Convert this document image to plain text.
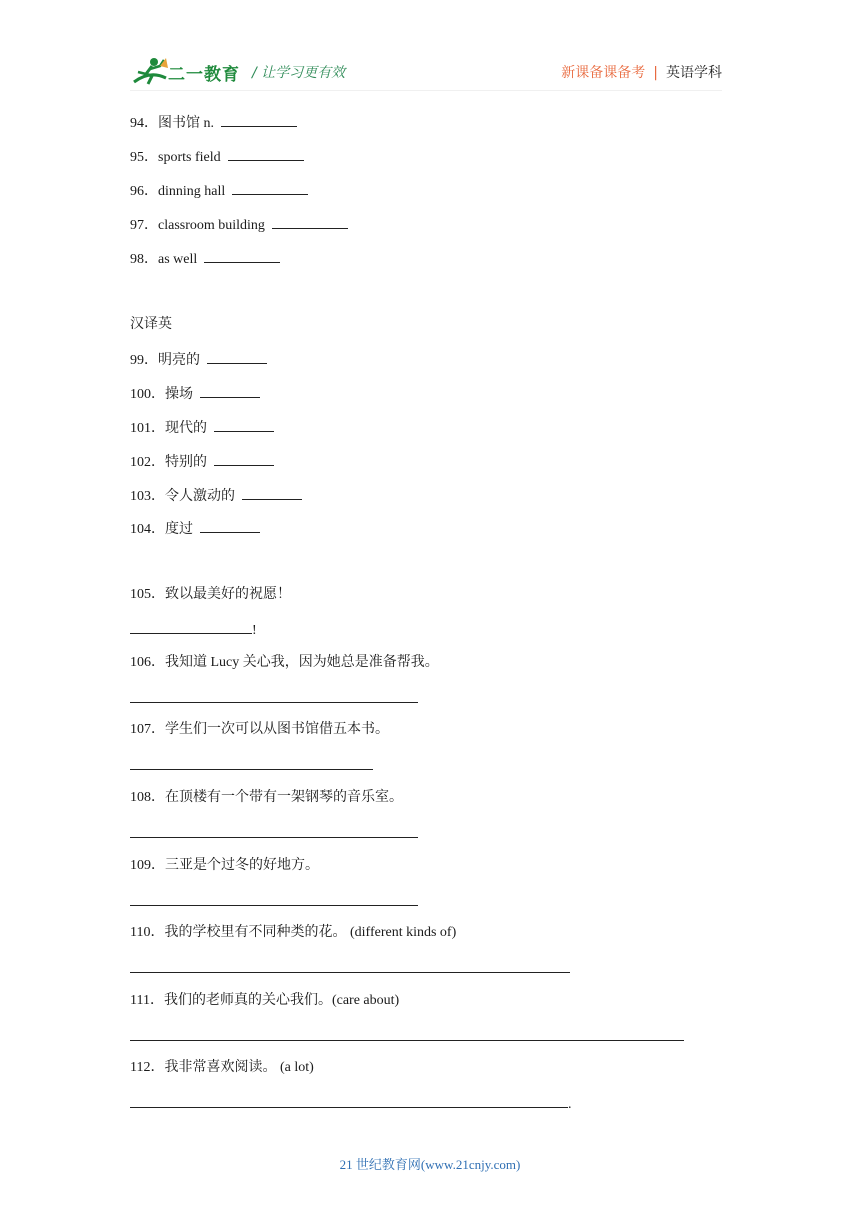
二一教育 / 让学习更有效	新课备课备考 | 英语学科
94．图书馆 n.
95．sports field
96．dinning hall
97．classroom building
98．as well
汉译英
99．明亮的
100．操场
101．现代的
102．特别的
103．令人激动的
104．度过
105．致以最美好的祝愿！
!
106．我知道 Lucy 关心我，因为她总是准备帮我。
107．学生们一次可以从图书馆借五本书。
108．在顶楼有一个带有一架钢琴的音乐室。
109．三亚是个过冬的好地方。
110．我的学校里有不同种类的花。 (different kinds of)
111．我们的老师真的关心我们。(care about)
112．我非常喜欢阅读。 (a lot)
.
21 世纪教育网(www.21cnjy.com)
